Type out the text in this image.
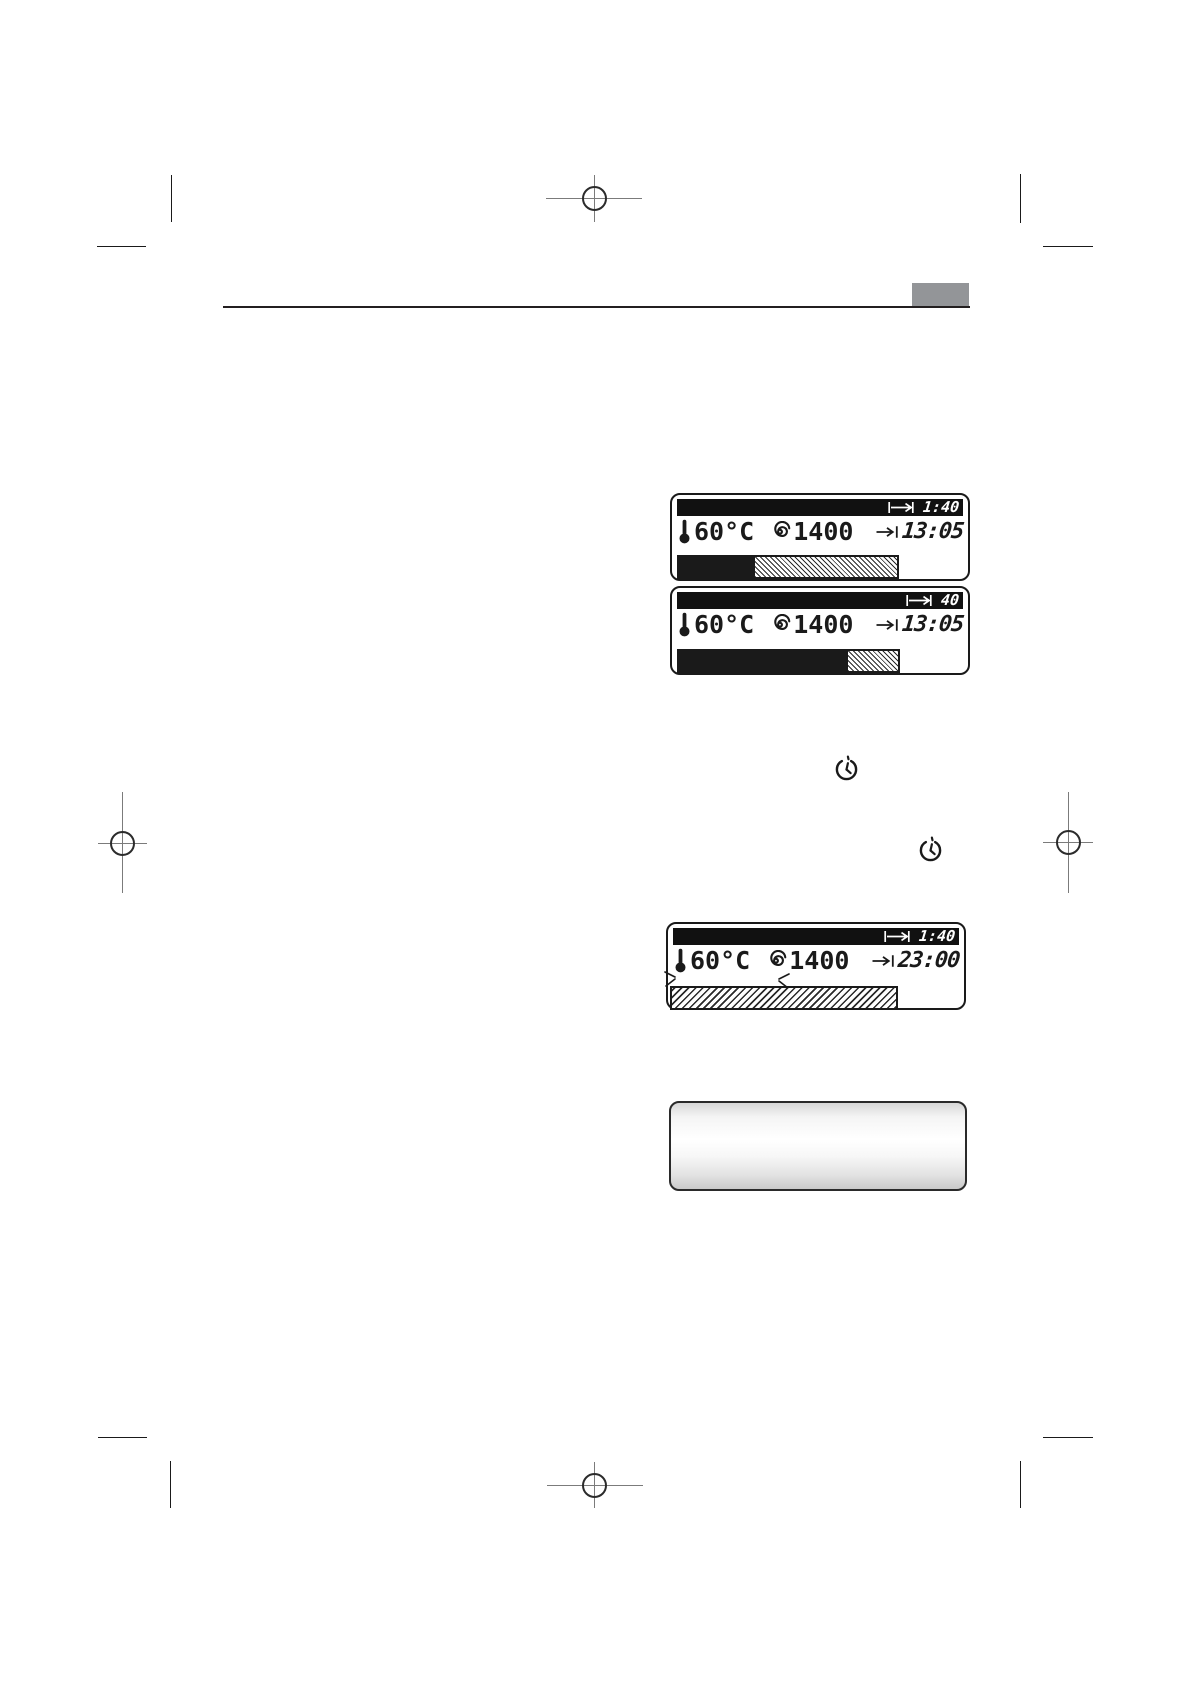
1:40
60°C 1400 13:05
40
60°C 1400 13:05
1:40
60°C 1400 23:00
